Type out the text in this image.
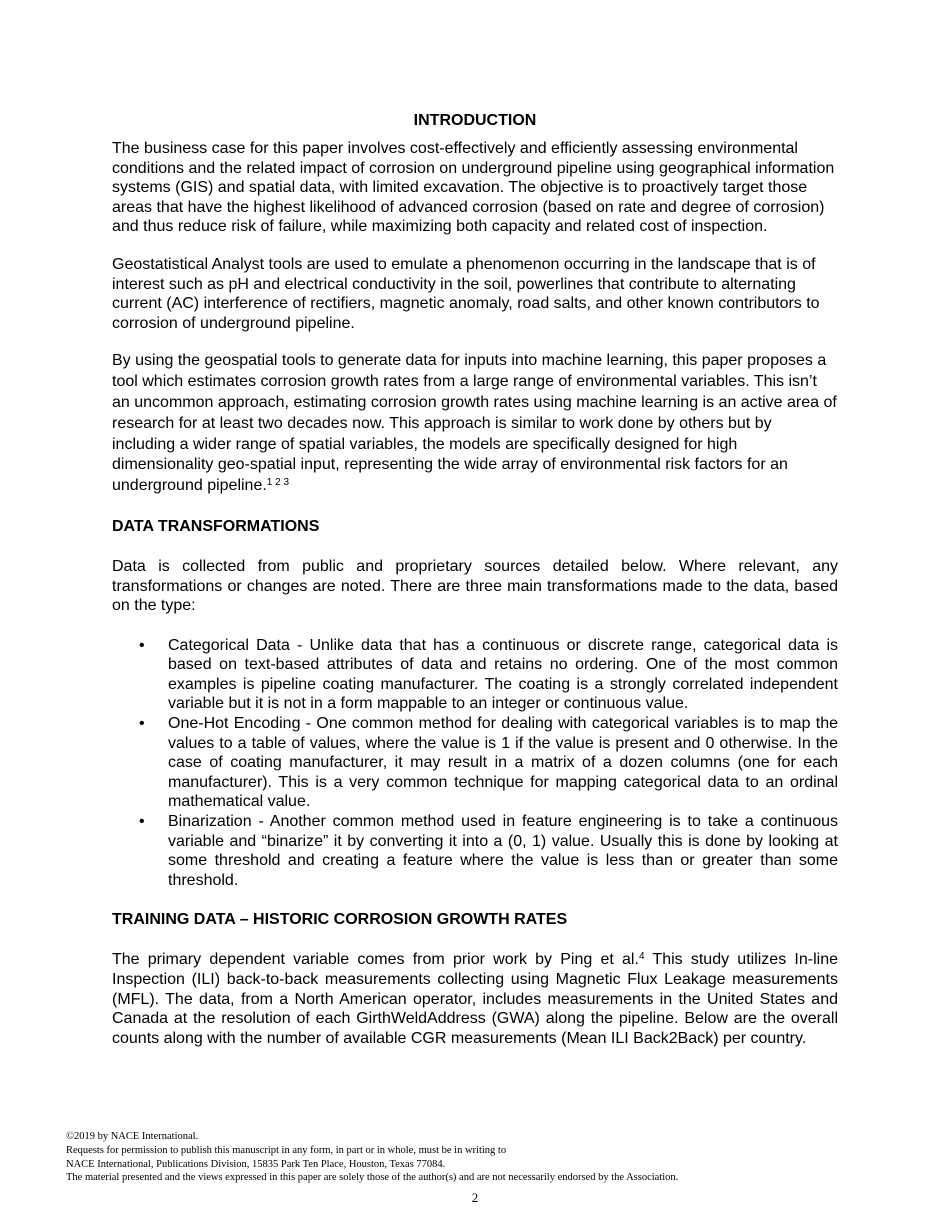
INTRODUCTION

The business case for this paper involves cost-effectively and efficiently assessing environmental conditions and the related impact of corrosion on underground pipeline using geographical information systems (GIS) and spatial data, with limited excavation. The objective is to proactively target those areas that have the highest likelihood of advanced corrosion (based on rate and degree of corrosion) and thus reduce risk of failure, while maximizing both capacity and related cost of inspection.

Geostatistical Analyst tools are used to emulate a phenomenon occurring in the landscape that is of interest such as pH and electrical conductivity in the soil, powerlines that contribute to alternating current (AC) interference of rectifiers, magnetic anomaly, road salts, and other known contributors to corrosion of underground pipeline.

By using the geospatial tools to generate data for inputs into machine learning, this paper proposes a tool which estimates corrosion growth rates from a large range of environmental variables. This isn’t an uncommon approach, estimating corrosion growth rates using machine learning is an active area of research for at least two decades now. This approach is similar to work done by others but by including a wider range of spatial variables, the models are specifically designed for high dimensionality geo-spatial input, representing the wide array of environmental risk factors for an underground pipeline.$^{1 2 3}$

DATA TRANSFORMATIONS

Data is collected from public and proprietary sources detailed below. Where relevant, any transformations or changes are noted. There are three main transformations made to the data, based on the type:

• Categorical Data - Unlike data that has a continuous or discrete range, categorical data is based on text-based attributes of data and retains no ordering. One of the most common examples is pipeline coating manufacturer. The coating is a strongly correlated independent variable but it is not in a form mappable to an integer or continuous value.
• One-Hot Encoding - One common method for dealing with categorical variables is to map the values to a table of values, where the value is 1 if the value is present and 0 otherwise. In the case of coating manufacturer, it may result in a matrix of a dozen columns (one for each manufacturer). This is a very common technique for mapping categorical data to an ordinal mathematical value.
• Binarization - Another common method used in feature engineering is to take a continuous variable and “binarize” it by converting it into a (0, 1) value. Usually this is done by looking at some threshold and creating a feature where the value is less than or greater than some threshold.
TRAINING DATA – HISTORIC CORROSION GROWTH RATES

The primary dependent variable comes from prior work by Ping et al.$^4$ This study utilizes In-line Inspection (ILI) back-to-back measurements collecting using Magnetic Flux Leakage measurements (MFL). The data, from a North American operator, includes measurements in the United States and Canada at the resolution of each GirthWeldAddress (GWA) along the pipeline. Below are the overall counts along with the number of available CGR measurements (Mean ILI Back2Back) per country.

©2019 by NACE International.
Requests for permission to publish this manuscript in any form, in part or in whole, must be in writing to
NACE International, Publications Division, 15835 Park Ten Place, Houston, Texas 77084.
The material presented and the views expressed in this paper are solely those of the author(s) and are not necessarily endorsed by the Association.
2
